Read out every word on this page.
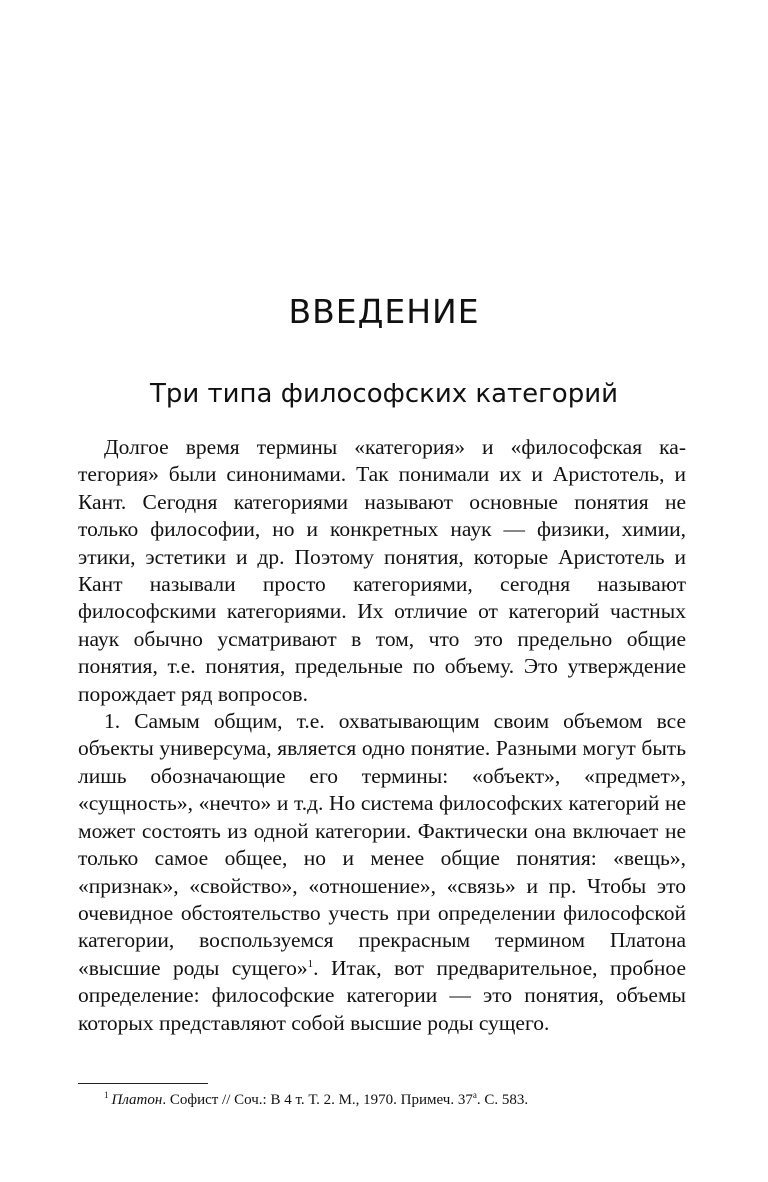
ВВЕДЕНИЕ
Три типа философских категорий

Долгое время термины «категория» и «философская категория» были синонимами. Так понимали их и Аристотель, и Кант. Сегодня категориями называют основные понятия не только философии, но и конкретных наук — физики, химии, этики, эстетики и др. Поэтому понятия, которые Аристотель и Кант называли просто категориями, сегодня называют философскими категориями. Их отличие от категорий частных наук обычно усматривают в том, что это предельно общие понятия, т.е. понятия, предельные по объему. Это утверждение порождает ряд вопросов.

1. Самым общим, т.е. охватывающим своим объемом все объекты универсума, является одно понятие. Разными могут быть лишь обозначающие его термины: «объект», «предмет», «сущность», «нечто» и т.д. Но система философских категорий не может состоять из одной категории. Фактически она включает не только самое общее, но и менее общие понятия: «вещь», «признак», «свойство», «отношение», «связь» и пр. Чтобы это очевидное обстоятельство учесть при определении философской категории, воспользуемся прекрасным термином Платона «высшие роды сущего»$^1$. Итак, вот предварительное, пробное определение: философские категории — это понятия, объемы которых представляют собой высшие роды сущего.

$^1$ Платон. Софист // Соч.: В 4 т. Т. 2. М., 1970. Примеч. 37$^а$. С. 583.
